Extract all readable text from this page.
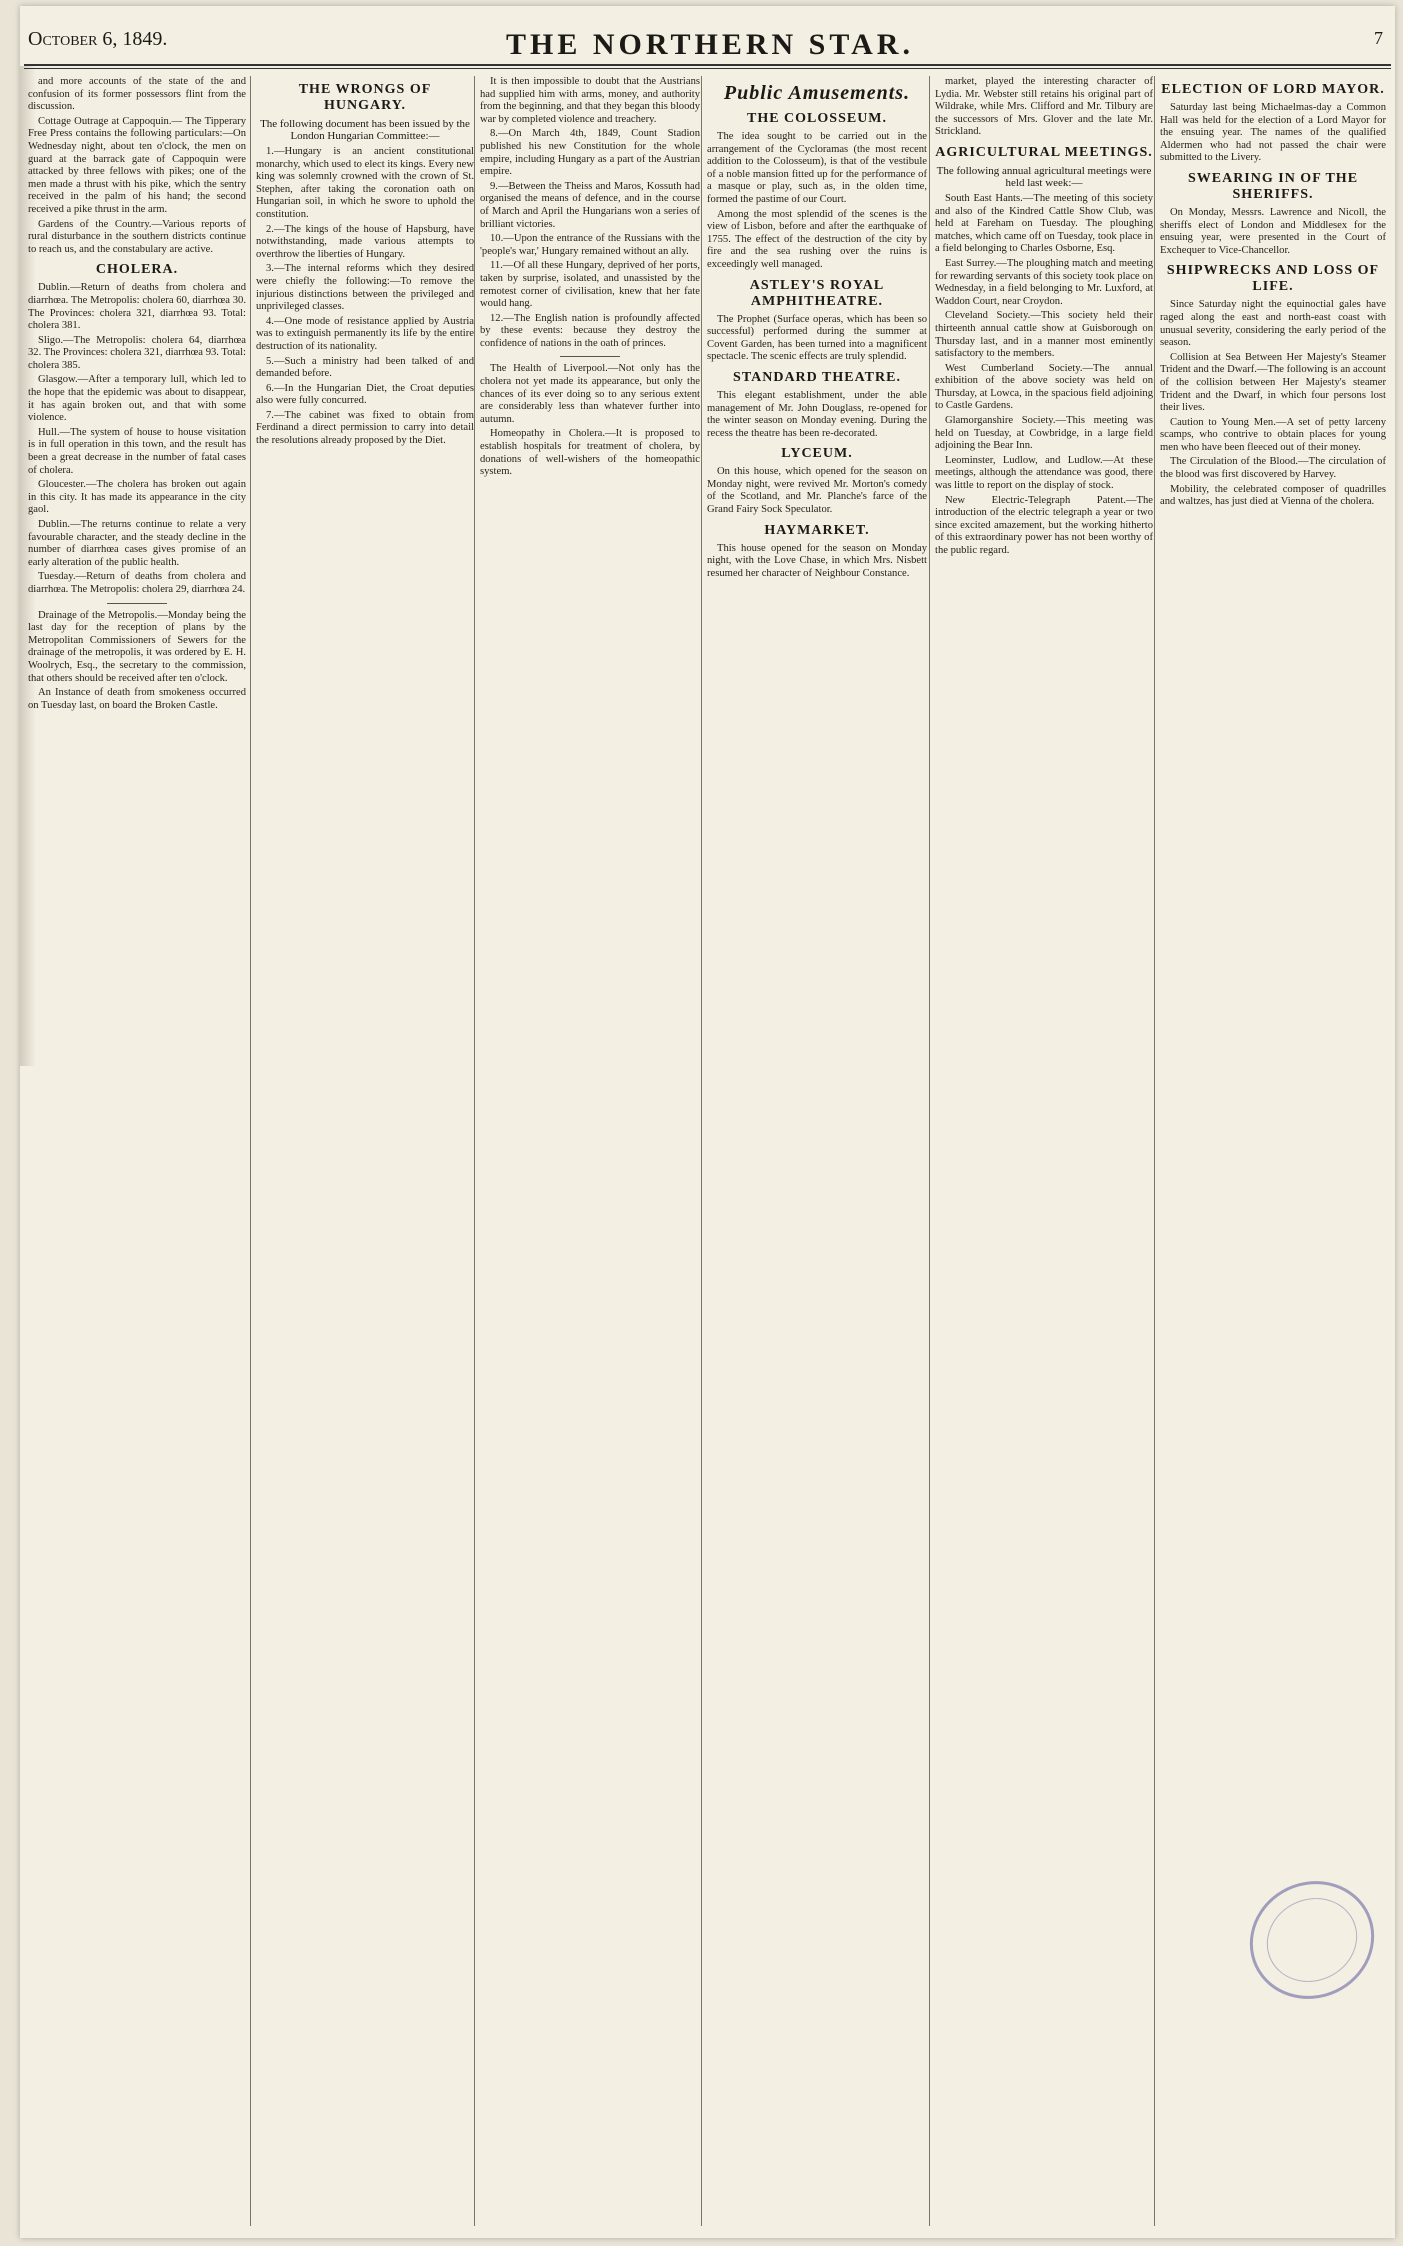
October 6, 1849.	THE NORTHERN STAR.	7

and more accounts of the state of the and confusion of its former possessors flint from the discussion.

Cottage Outrage at Cappoquin.— The Tipperary Free Press contains the following particulars:—On Wednesday night, about ten o'clock, the men on guard at the barrack gate of Cappoquin were attacked by three fellows with pikes; one of the men made a thrust with his pike, which the sentry received in the palm of his hand; the second received a pike thrust in the arm.

Gardens of the Country.—Various reports of rural disturbance in the southern districts continue to reach us, and the constabulary are active.

CHOLERA.

Dublin.—Return of deaths from cholera and diarrhœa. The Metropolis: cholera 60, diarrhœa 30. The Provinces: cholera 321, diarrhœa 93. Total: cholera 381.

Sligo.—The Metropolis: cholera 64, diarrhœa 32. The Provinces: cholera 321, diarrhœa 93. Total: cholera 385.

Glasgow.—After a temporary lull, which led to the hope that the epidemic was about to disappear, it has again broken out, and that with some violence.

Hull.—The system of house to house visitation is in full operation in this town, and the result has been a great decrease in the number of fatal cases of cholera.

Gloucester.—The cholera has broken out again in this city. It has made its appearance in the city gaol.

Dublin.—The returns continue to relate a very favourable character, and the steady decline in the number of diarrhœa cases gives promise of an early alteration of the public health.

Tuesday.—Return of deaths from cholera and diarrhœa. The Metropolis: cholera 29, diarrhœa 24.

Drainage of the Metropolis.—Monday being the last day for the reception of plans by the Metropolitan Commissioners of Sewers for the drainage of the metropolis, it was ordered by E. H. Woolrych, Esq., the secretary to the commission, that others should be received after ten o'clock.

An Instance of death from smokeness occurred on Tuesday last, on board the Broken Castle.

THE WRONGS OF HUNGARY.
The following document has been issued by the London Hungarian Committee:—

1.—Hungary is an ancient constitutional monarchy, which used to elect its kings. Every new king was solemnly crowned with the crown of St. Stephen, after taking the coronation oath on Hungarian soil, in which he swore to uphold the constitution.

2.—The kings of the house of Hapsburg, have notwithstanding, made various attempts to overthrow the liberties of Hungary.

3.—The internal reforms which they desired were chiefly the following:—To remove the injurious distinctions between the privileged and unprivileged classes.

4.—One mode of resistance applied by Austria was to extinguish permanently its life by the entire destruction of its nationality.

5.—Such a ministry had been talked of and demanded before.

6.—In the Hungarian Diet, the Croat deputies also were fully concurred.

7.—The cabinet was fixed to obtain from Ferdinand a direct permission to carry into detail the resolutions already proposed by the Diet.

It is then impossible to doubt that the Austrians had supplied him with arms, money, and authority from the beginning, and that they began this bloody war by completed violence and treachery.

8.—On March 4th, 1849, Count Stadion published his new Constitution for the whole empire, including Hungary as a part of the Austrian empire.

9.—Between the Theiss and Maros, Kossuth had organised the means of defence, and in the course of March and April the Hungarians won a series of brilliant victories.

10.—Upon the entrance of the Russians with the 'people's war,' Hungary remained without an ally.

11.—Of all these Hungary, deprived of her ports, taken by surprise, isolated, and unassisted by the remotest corner of civilisation, knew that her fate would hang.

12.—The English nation is profoundly affected by these events: because they destroy the confidence of nations in the oath of princes.

The Health of Liverpool.—Not only has the cholera not yet made its appearance, but only the chances of its ever doing so to any serious extent are considerably less than whatever further into autumn.

Homeopathy in Cholera.—It is proposed to establish hospitals for treatment of cholera, by donations of well-wishers of the homeopathic system.

Public Amusements.
THE COLOSSEUM.

The idea sought to be carried out in the arrangement of the Cycloramas (the most recent addition to the Colosseum), is that of the vestibule of a noble mansion fitted up for the performance of a masque or play, such as, in the olden time, formed the pastime of our Court.

Among the most splendid of the scenes is the view of Lisbon, before and after the earthquake of 1755. The effect of the destruction of the city by fire and the sea rushing over the ruins is exceedingly well managed.

ASTLEY'S ROYAL AMPHITHEATRE.

The Prophet (Surface operas, which has been so successful) performed during the summer at Covent Garden, has been turned into a magnificent spectacle. The scenic effects are truly splendid.

STANDARD THEATRE.

This elegant establishment, under the able management of Mr. John Douglass, re-opened for the winter season on Monday evening. During the recess the theatre has been re-decorated.

LYCEUM.

On this house, which opened for the season on Monday night, were revived Mr. Morton's comedy of the Scotland, and Mr. Planche's farce of the Grand Fairy Sock Speculator.

HAYMARKET.

This house opened for the season on Monday night, with the Love Chase, in which Mrs. Nisbett resumed her character of Neighbour Constance.

market, played the interesting character of Lydia. Mr. Webster still retains his original part of Wildrake, while Mrs. Clifford and Mr. Tilbury are the successors of Mrs. Glover and the late Mr. Strickland.

AGRICULTURAL MEETINGS.
The following annual agricultural meetings were held last week:—

South East Hants.—The meeting of this society and also of the Kindred Cattle Show Club, was held at Fareham on Tuesday. The ploughing matches, which came off on Tuesday, took place in a field belonging to Charles Osborne, Esq.

East Surrey.—The ploughing match and meeting for rewarding servants of this society took place on Wednesday, in a field belonging to Mr. Luxford, at Waddon Court, near Croydon.

Cleveland Society.—This society held their thirteenth annual cattle show at Guisborough on Thursday last, and in a manner most eminently satisfactory to the members.

West Cumberland Society.—The annual exhibition of the above society was held on Thursday, at Lowca, in the spacious field adjoining to Castle Gardens.

Glamorganshire Society.—This meeting was held on Tuesday, at Cowbridge, in a large field adjoining the Bear Inn.

Leominster, Ludlow, and Ludlow.—At these meetings, although the attendance was good, there was little to report on the display of stock.

New Electric-Telegraph Patent.—The introduction of the electric telegraph a year or two since excited amazement, but the working hitherto of this extraordinary power has not been worthy of the public regard.

ELECTION OF LORD MAYOR.

Saturday last being Michaelmas-day a Common Hall was held for the election of a Lord Mayor for the ensuing year. The names of the qualified Aldermen who had not passed the chair were submitted to the Livery.

SWEARING IN OF THE SHERIFFS.

On Monday, Messrs. Lawrence and Nicoll, the sheriffs elect of London and Middlesex for the ensuing year, were presented in the Court of Exchequer to Vice-Chancellor.

SHIPWRECKS AND LOSS OF LIFE.

Since Saturday night the equinoctial gales have raged along the east and north-east coast with unusual severity, considering the early period of the season.

Collision at Sea Between Her Majesty's Steamer Trident and the Dwarf.—The following is an account of the collision between Her Majesty's steamer Trident and the Dwarf, in which four persons lost their lives.

Caution to Young Men.—A set of petty larceny scamps, who contrive to obtain places for young men who have been fleeced out of their money.

The Circulation of the Blood.—The circulation of the blood was first discovered by Harvey.

Mobility, the celebrated composer of quadrilles and waltzes, has just died at Vienna of the cholera.
